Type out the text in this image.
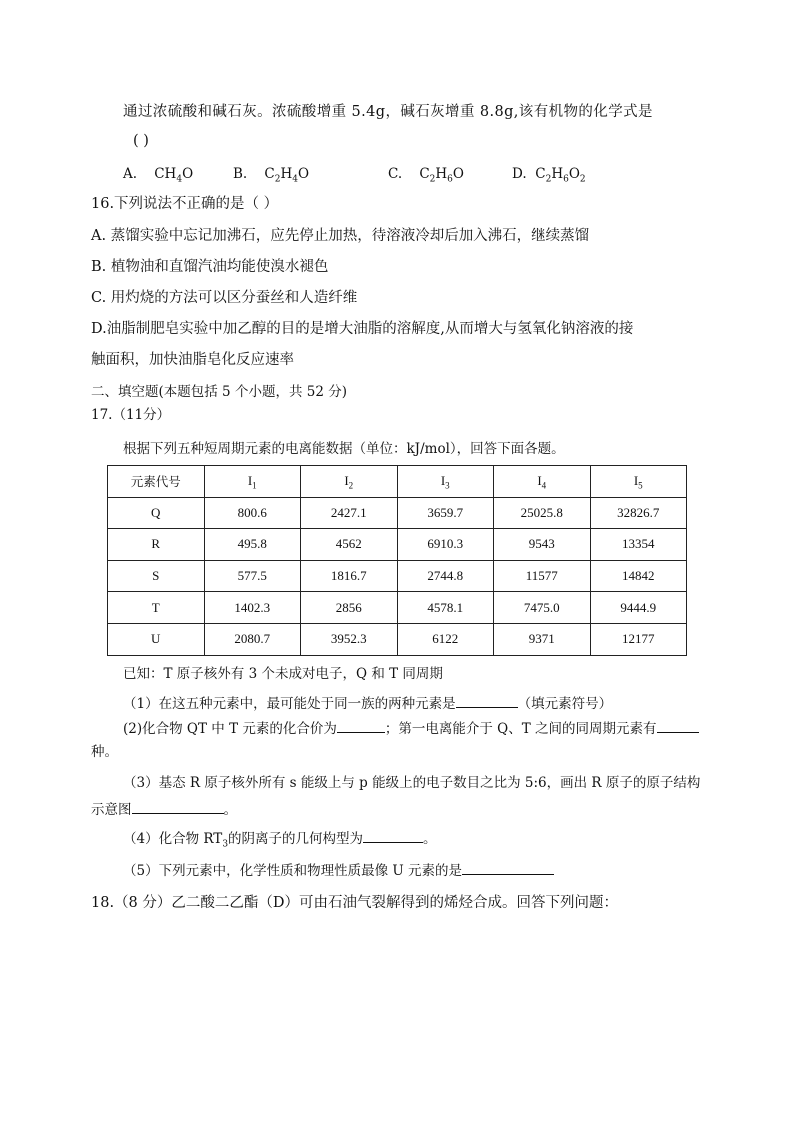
通过浓硫酸和碱石灰。浓硫酸增重 5.4g，碱石灰增重 8.8g,该有机物的化学式是
( )
A. $CH_4O$	B. $C_2H_4O$	C. $C_2H_6O$	D. $C_2H_6O_2$
16.下列说法不正确的是（ ）
A. 蒸馏实验中忘记加沸石，应先停止加热，待溶液冷却后加入沸石，继续蒸馏
B. 植物油和直馏汽油均能使溴水褪色
C. 用灼烧的方法可以区分蚕丝和人造纤维
D.油脂制肥皂实验中加乙醇的目的是增大油脂的溶解度,从而增大与氢氧化钠溶液的接
触面积，加快油脂皂化反应速率
二、填空题(本题包括 5 个小题，共 52 分)
17.（11分）
根据下列五种短周期元素的电离能数据（单位：kJ/mol），回答下面各题。
元素代号	$I_1$	$I_2$	$I_3$	$I_4$	$I_5$
Q	800.6	2427.1	3659.7	25025.8	32826.7
R	495.8	4562	6910.3	9543	13354
S	577.5	1816.7	2744.8	11577	14842
T	1402.3	2856	4578.1	7475.0	9444.9
U	2080.7	3952.3	6122	9371	12177
已知：T 原子核外有 3 个未成对电子，Q 和 T 同周期
（1）在这五种元素中，最可能处于同一族的两种元素是	（填元素符号）
(2)化合物 QT 中 T 元素的化合价为	；第一电离能介于 Q、T 之间的同周期元素有
种。
（3）基态 R 原子核外所有 s 能级上与 p 能级上的电子数目之比为 5:6，画出 R 原子的原子结构
示意图	。
（4）化合物 $RT_3$的阴离子的几何构型为	。
（5）下列元素中，化学性质和物理性质最像 U 元素的是
18.（8 分）乙二酸二乙酯（D）可由石油气裂解得到的烯烃合成。回答下列问题：
